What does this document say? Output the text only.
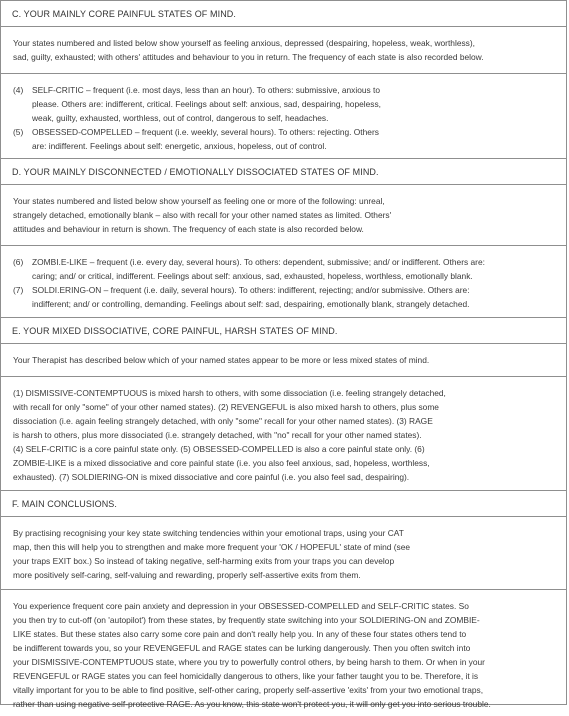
C. YOUR MAINLY CORE PAINFUL STATES OF MIND.
Your states numbered and listed below show yourself as feeling anxious, depressed (despairing, hopeless, weak, worthless),
sad, guilty, exhausted; with others' attitudes and behaviour to you in return. The frequency of each state is also recorded below.
(4) SELF-CRITIC – frequent (i.e. most days, less than an hour). To others: submissive, anxious to
please. Others are: indifferent, critical. Feelings about self: anxious, sad, despairing, hopeless,
weak, guilty, exhausted, worthless, out of control, dangerous to self, headaches.
(5) OBSESSED-COMPELLED – frequent (i.e. weekly, several hours). To others: rejecting. Others
are: indifferent. Feelings about self: energetic, anxious, hopeless, out of control.
D. YOUR MAINLY DISCONNECTED / EMOTIONALLY DISSOCIATED STATES OF MIND.
Your states numbered and listed below show yourself as feeling one or more of the following: unreal,
strangely detached, emotionally blank – also with recall for your other named states as limited. Others'
attitudes and behaviour in return is shown. The frequency of each state is also recorded below.
(6) ZOMBI.E-LIKE – frequent (i.e. every day, several hours). To others: dependent, submissive; and/ or indifferent. Others are:
caring; and/ or critical, indifferent. Feelings about self: anxious, sad, exhausted, hopeless, worthless, emotionally blank.
(7) SOLDI.ERING-ON – frequent (i.e. daily, several hours). To others: indifferent, rejecting; and/or submissive. Others are:
indifferent; and/ or controlling, demanding. Feelings about self: sad, despairing, emotionally blank, strangely detached.
E. YOUR MIXED DISSOCIATIVE, CORE PAINFUL, HARSH STATES OF MIND.
Your Therapist has described below which of your named states appear to be more or less mixed states of mind.
(1) DISMISSIVE-CONTEMPTUOUS is mixed harsh to others, with some dissociation (i.e. feeling strangely detached,
with recall for only "some" of your other named states). (2) REVENGEFUL is also mixed harsh to others, plus some
dissociation (i.e. again feeling strangely detached, with only "some" recall for your other named states). (3) RAGE
is harsh to others, plus more dissociated (i.e. strangely detached, with "no" recall for your other named states).
(4) SELF-CRITIC is a core painful state only. (5) OBSESSED-COMPELLED is also a core painful state only. (6)
ZOMBIE-LIKE is a mixed dissociative and core painful state (i.e. you also feel anxious, sad, hopeless, worthless,
exhausted). (7) SOLDIERING-ON is mixed dissociative and core painful (i.e. you also feel sad, despairing).
F. MAIN CONCLUSIONS.
By practising recognising your key state switching tendencies within your emotional traps, using your CAT
map, then this will help you to strengthen and make more frequent your 'OK / HOPEFUL' state of mind (see
your traps EXIT box.) So instead of taking negative, self-harming exits from your traps you can develop
more positively self-caring, self-valuing and rewarding, properly self-assertive exits from them.
You experience frequent core pain anxiety and depression in your OBSESSED-COMPELLED and SELF-CRITIC states. So
you then try to cut-off (on 'autopilot') from these states, by frequently state switching into your SOLDIERING-ON and ZOMBIE-
LIKE states. But these states also carry some core pain and don't really help you. In any of these four states others tend to
be indifferent towards you, so your REVENGEFUL and RAGE states can be lurking dangerously. Then you often switch into
your DISMISSIVE-CONTEMPTUOUS state, where you try to powerfully control others, by being harsh to them. Or when in your
REVENGEFUL or RAGE states you can feel homicidally dangerous to others, like your father taught you to be. Therefore, it is
vitally important for you to be able to find positive, self-other caring, properly self-assertive 'exits' from your two emotional traps,
rather than using negative self-protective RAGE. As you know, this state won't protect you, it will only get you into serious trouble.
